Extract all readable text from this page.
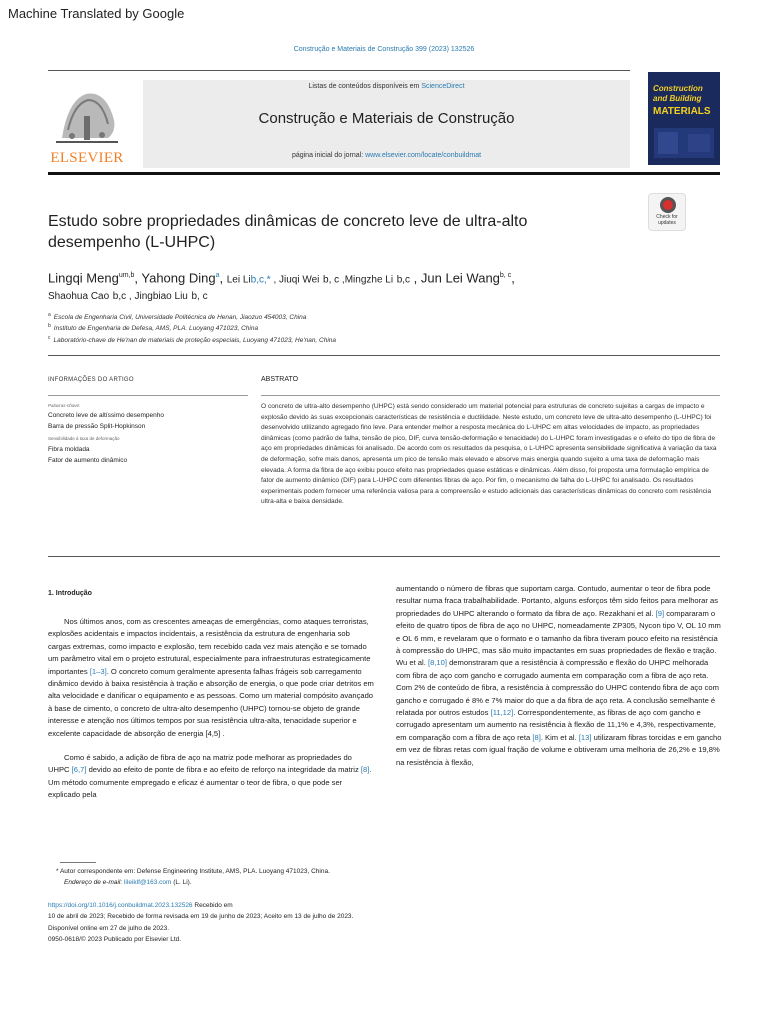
Machine Translated by Google
Construção e Materiais de Construção 399 (2023) 132526
ELSEVIER
Listas de conteúdos disponíveis em ScienceDirect
Construção e Materiais de Construção
página inicial do jornal: www.elsevier.com/locate/conbuildmat
Construction
and Building
MATERIALS
Check for
updates
Estudo sobre propriedades dinâmicas de concreto leve de ultra-alto desempenho (L-UHPC)
Lingqi Meng$^{um,b}$, Yahong Ding$^a$, Lei Lib,c,* , Jiuqi Wei b, c ,Mingzhe Li b,c , Jun Lei Wang$^{b, c}$,
Shaohua Cao b,c , Jingbiao Liu b, c
$^a$ Escola de Engenharia Civil, Universidade Politécnica de Henan, Jiaozuo 454003, China
$^b$ Instituto de Engenharia de Defesa, AMS, PLA. Luoyang 471023, China
$^c$ Laboratório-chave de He'nan de materiais de proteção especiais, Luoyang 471023, He'nan, China
INFORMAÇÕES DO ARTIGO	ABSTRATO
Palavras-chave:
Concreto leve de altíssimo desempenho
Barra de pressão Split-Hopkinson
Sensibilidade à taxa de deformação
Fibra moldada
Fator de aumento dinâmico
O concreto de ultra-alto desempenho (UHPC) está sendo considerado um material potencial para estruturas de concreto sujeitas a cargas de impacto e explosão devido às suas excepcionais características de resistência e ductilidade. Neste estudo, um concreto leve de ultra-alto desempenho (L-UHPC) foi desenvolvido utilizando agregado fino leve. Para entender melhor a resposta mecânica do L-UHPC em altas velocidades de impacto, as propriedades dinâmicas (como padrão de falha, tensão de pico, DIF, curva tensão-deformação e tenacidade) do L-UHPC foram investigadas e o efeito do tipo de fibra de aço em propriedades dinâmicas foi analisado. De acordo com os resultados da pesquisa, o L-UHPC apresenta sensibilidade significativa à variação da taxa de deformação, sofre mais danos, apresenta um pico de tensão mais elevado e absorve mais energia quando sujeito a uma taxa de deformação mais elevada. A forma da fibra de aço exibiu pouco efeito nas propriedades quase estáticas e dinâmicas. Além disso, foi proposta uma formulação empírica de fator de aumento dinâmico (DIF) para L-UHPC com diferentes fibras de aço. Por fim, o mecanismo de falha do L-UHPC foi analisado. Os resultados experimentais podem fornecer uma referência valiosa para a compreensão e estudo adicionais das características dinâmicas do concreto com resistência ultra-alta e baixa densidade.
1. Introdução

Nos últimos anos, com as crescentes ameaças de emergências, como ataques terroristas, explosões acidentais e impactos incidentais, a resistência da estrutura de engenharia sob cargas extremas, como impacto e explosão, tem recebido cada vez mais atenção e se tornado um parâmetro vital em o projeto estrutural, especialmente para infraestruturas estrategicamente importantes [1–3]. O concreto comum geralmente apresenta falhas frágeis sob carregamento dinâmico devido à baixa resistência à tração e absorção de energia, o que pode criar detritos em alta velocidade e danificar o equipamento e as pessoas. Como um material compósito avançado à base de cimento, o concreto de ultra-alto desempenho (UHPC) tornou-se objeto de grande interesse e atenção nos últimos tempos por sua resistência ultra-alta, tenacidade superior e excelente capacidade de absorção de energia [4,5] .

Como é sabido, a adição de fibra de aço na matriz pode melhorar as propriedades do UHPC [6,7] devido ao efeito de ponte de fibra e ao efeito de reforço na integridade da matriz [8]. Um método comumente empregado e eficaz é aumentar o teor de fibra, o que pode ser explicado pela

aumentando o número de fibras que suportam carga. Contudo, aumentar o teor de fibra pode resultar numa fraca trabalhabilidade. Portanto, alguns esforços têm sido feitos para melhorar as propriedades do UHPC alterando o formato da fibra de aço. Rezakhani et al. [9] compararam o efeito de quatro tipos de fibra de aço no UHPC, nomeadamente ZP305, Nycon tipo V, OL 10 mm e OL 6 mm, e revelaram que o formato e o tamanho da fibra tiveram pouco efeito na resistência à compressão do UHPC, mas são muito impactantes em suas propriedades de flexão e tração. Wu et al. [8,10] demonstraram que a resistência à compressão e flexão do UHPC melhorada com fibra de aço com gancho e corrugado aumenta em comparação com a fibra de aço reta. Com 2% de conteúdo de fibra, a resistência à compressão do UHPC contendo fibra de aço com gancho e corrugado é 8% e 7% maior do que a da fibra de aço reta. A conclusão semelhante é relatada por outros estudos [11,12]. Correspondentemente, as fibras de aço com gancho e corrugado apresentam um aumento na resistência à flexão de 11,1% e 4,3%, respectivamente, em comparação com a fibra de aço reta [8]. Kim et al. [13] utilizaram fibras torcidas e em gancho em vez de fibras retas com igual fração de volume e obtiveram uma melhoria de 26,2% e 19,8% na resistência à flexão,

* Autor correspondente em: Defense Engineering Institute, AMS, PLA. Luoyang 471023, China.
Endereço de e-mail: lileiklf@163.com (L. Li).
https://doi.org/10.1016/j.conbuildmat.2023.132526 Recebido em
10 de abril de 2023; Recebido de forma revisada em 19 de junho de 2023; Aceito em 13 de julho de 2023.
Disponível online em 27 de julho de 2023.
0950-0618/© 2023 Publicado por Elsevier Ltd.
